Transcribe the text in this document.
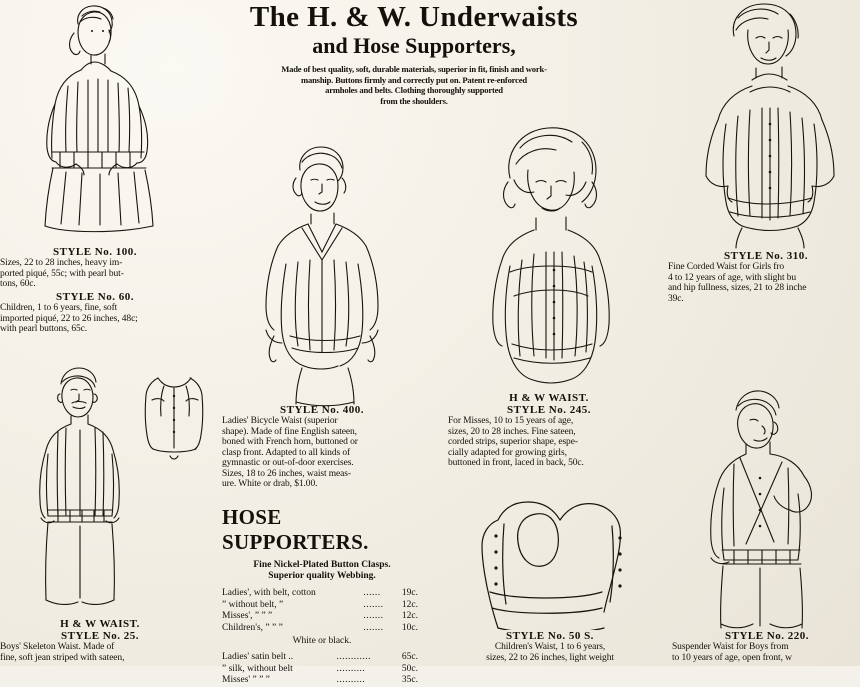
The H. & W. Underwaists
and Hose Supporters,
Made of best quality, soft, durable materials, superior in fit, finish and work-
manship. Buttons firmly and correctly put on. Patent re-enforced
armholes and belts. Clothing thoroughly supported
from the shoulders.
STYLE No. 100.
Sizes, 22 to 28 inches, heavy im-
ported piqué, 55c; with pearl but-
tons, 60c.
STYLE No. 60.
Children, 1 to 6 years, fine, soft
imported piqué, 22 to 26 inches, 48c;
with pearl buttons, 65c.
H & W WAIST.
STYLE No. 25.
Boys' Skeleton Waist. Made of
fine, soft jean striped with sateen,
STYLE No. 400.
Ladies' Bicycle Waist (superior
shape). Made of fine English sateen,
boned with French horn, buttoned or
clasp front. Adapted to all kinds of
gymnastic or out-of-door exercises.
Sizes, 18 to 26 inches, waist meas-
ure. White or drab, $1.00.
HOSE SUPPORTERS.
Fine Nickel-Plated Button Clasps.
Superior quality Webbing.
Ladies', with belt, cotton	......	19c.
” without belt, ”	.......	12c.
Misses', ” ” ”	.......	12c.
Children's, ” ” ”	.......	10c.
White or black.
Ladies' satin belt ..	............	65c.
” silk, without belt	..........	50c.
Misses' ” ” ”	..........	35c.
H & W WAIST.
STYLE No. 245.
For Misses, 10 to 15 years of age,
sizes, 20 to 28 inches. Fine sateen,
corded strips, superior shape, espe-
cially adapted for growing girls,
buttoned in front, laced in back, 50c.
STYLE No. 50 S.
Children's Waist, 1 to 6 years,
sizes, 22 to 26 inches, light weight
STYLE No. 310.
Fine Corded Waist for Girls fro
4 to 12 years of age, with slight bu
and hip fullness, sizes, 21 to 28 inche
39c.
STYLE No. 220.
Suspender Waist for Boys from
to 10 years of age, open front, w
